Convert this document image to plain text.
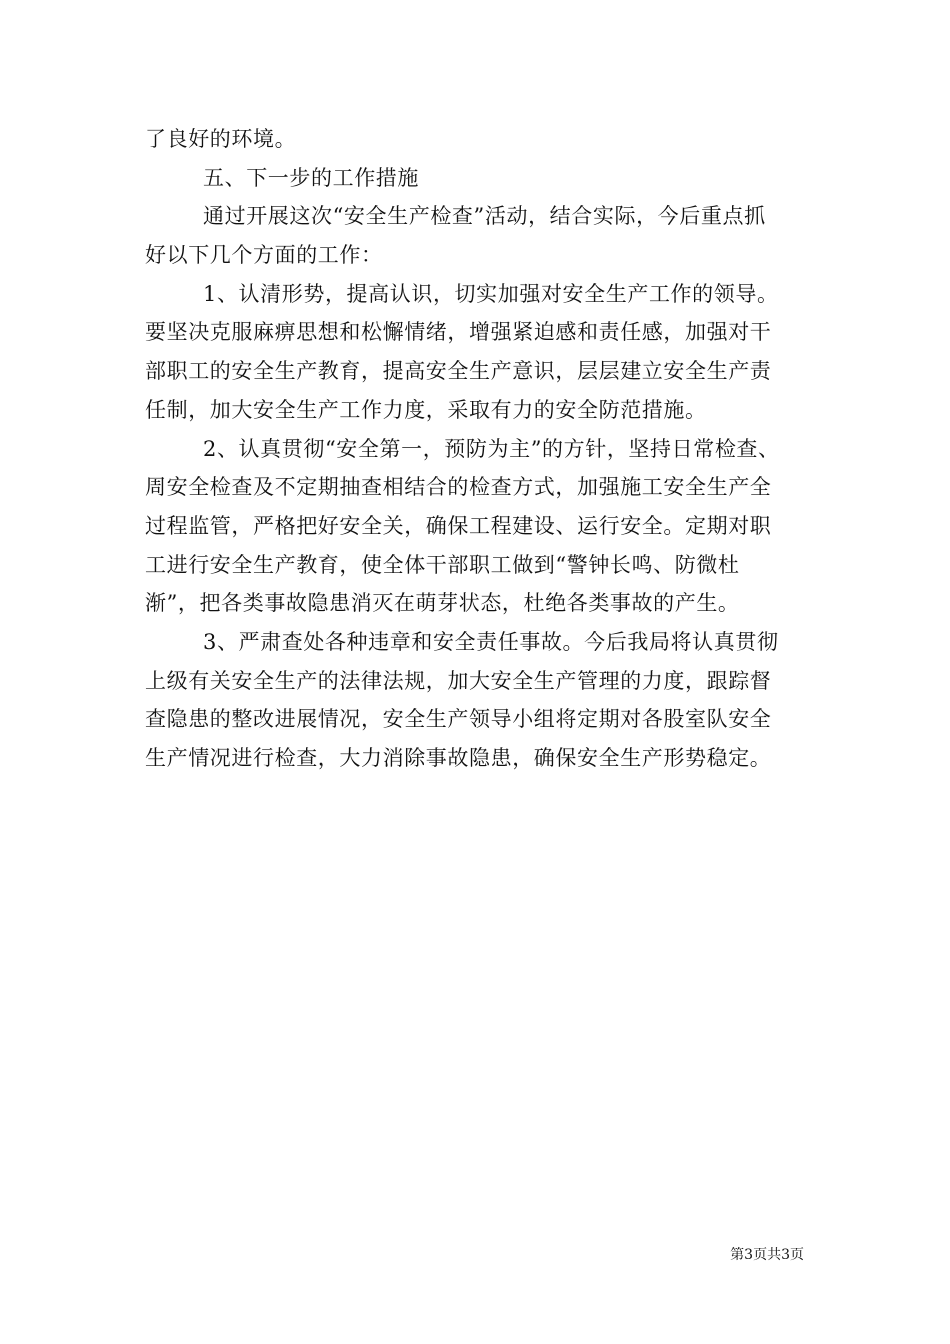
了良好的环境。
五、下一步的工作措施
通过开展这次“安全生产检查”活动，结合实际，今后重点抓
好以下几个方面的工作：
1、认清形势，提高认识，切实加强对安全生产工作的领导。
要坚决克服麻痹思想和松懈情绪，增强紧迫感和责任感，加强对干
部职工的安全生产教育，提高安全生产意识，层层建立安全生产责
任制，加大安全生产工作力度，采取有力的安全防范措施。
2、认真贯彻“安全第一，预防为主”的方针，坚持日常检查、
周安全检查及不定期抽查相结合的检查方式，加强施工安全生产全
过程监管，严格把好安全关，确保工程建设、运行安全。定期对职
工进行安全生产教育，使全体干部职工做到“警钟长鸣、防微杜
渐”，把各类事故隐患消灭在萌芽状态，杜绝各类事故的产生。
3、严肃查处各种违章和安全责任事故。今后我局将认真贯彻
上级有关安全生产的法律法规，加大安全生产管理的力度，跟踪督
查隐患的整改进展情况，安全生产领导小组将定期对各股室队安全
生产情况进行检查，大力消除事故隐患，确保安全生产形势稳定。
第3页共3页
